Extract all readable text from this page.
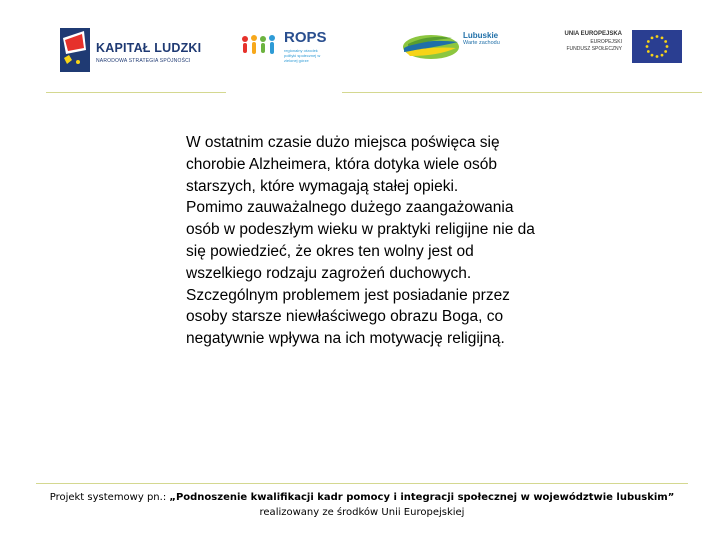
KAPITAŁ LUDZKI
NARODOWA STRATEGIA SPÓJNOŚCI
ROPS
regionalny ośrodek polityki społecznej w zielonej górze
Lubuskie
Warte zachodu
UNIA EUROPEJSKA
EUROPEJSKI
FUNDUSZ SPOŁECZNY
W ostatnim czasie dużo miejsca poświęca się chorobie Alzheimera, która dotyka wiele osób starszych, które wymagają stałej opieki.
Pomimo zauważalnego dużego zaangażowania osób w podeszłym wieku w praktyki religijne nie da się powiedzieć, że okres ten wolny jest od wszelkiego rodzaju zagrożeń duchowych.
Szczególnym problemem jest posiadanie przez osoby starsze niewłaściwego obrazu Boga, co negatywnie wpływa na ich motywację religijną.
Projekt systemowy pn.: „Podnoszenie kwalifikacji kadr pomocy i integracji społecznej w województwie lubuskim”
realizowany ze środków Unii Europejskiej
